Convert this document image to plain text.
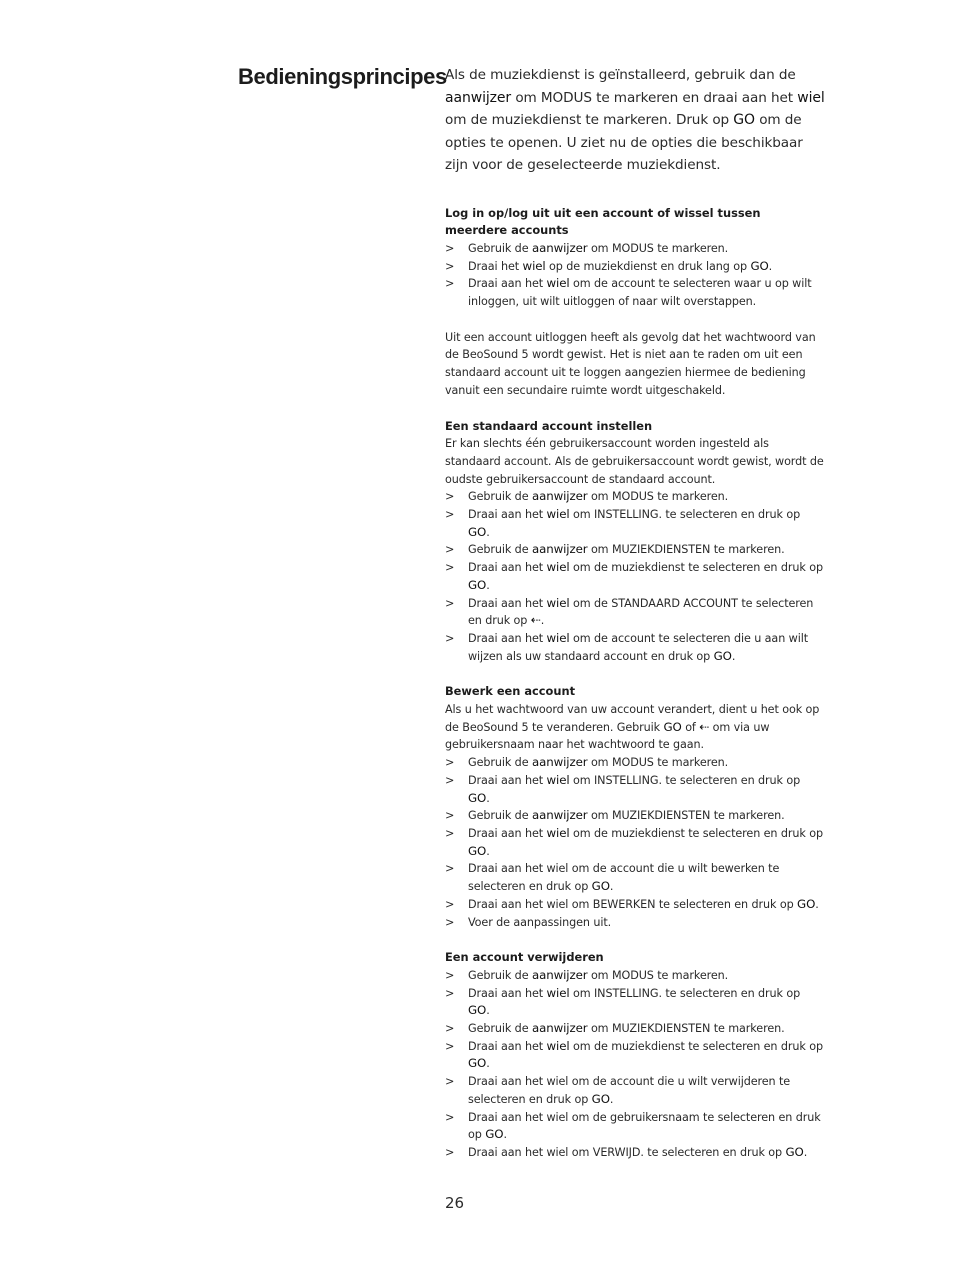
Bedieningsprincipes

Als de muziekdienst is geïnstalleerd, gebruik dan de aanwijzer om MODUS te markeren en draai aan het wiel om de muziekdienst te markeren. Druk op GO om de opties te openen. U ziet nu de opties die beschikbaar zijn voor de geselecteerde muziekdienst.

Log in op/log uit uit een account of wissel tussen meerdere accounts

> Gebruik de aanwijzer om MODUS te markeren.
> Draai het wiel op de muziekdienst en druk lang op GO.
> Draai aan het wiel om de account te selecteren waar u op wilt inloggen, uit wilt uitloggen of naar wilt overstappen.

Uit een account uitloggen heeft als gevolg dat het wachtwoord van de BeoSound 5 wordt gewist. Het is niet aan te raden om uit een standaard account uit te loggen aangezien hiermee de bediening vanuit een secundaire ruimte wordt uitgeschakeld.

Een standaard account instellen

Er kan slechts één gebruikersaccount worden ingesteld als standaard account. Als de gebruikersaccount wordt gewist, wordt de oudste gebruikersaccount de standaard account.

> Gebruik de aanwijzer om MODUS te markeren.
> Draai aan het wiel om INSTELLING. te selecteren en druk op GO.
> Gebruik de aanwijzer om MUZIEKDIENSTEN te markeren.
> Draai aan het wiel om de muziekdienst te selecteren en druk op GO.
> Draai aan het wiel om de STANDAARD ACCOUNT te selecteren en druk op ⇠.
> Draai aan het wiel om de account te selecteren die u aan wilt wijzen als uw standaard account en druk op GO.

Bewerk een account

Als u het wachtwoord van uw account verandert, dient u het ook op de BeoSound 5 te veranderen. Gebruik GO of ⇠ om via uw gebruikersnaam naar het wachtwoord te gaan.

> Gebruik de aanwijzer om MODUS te markeren.
> Draai aan het wiel om INSTELLING. te selecteren en druk op GO.
> Gebruik de aanwijzer om MUZIEKDIENSTEN te markeren.
> Draai aan het wiel om de muziekdienst te selecteren en druk op GO.
> Draai aan het wiel om de account die u wilt bewerken te selecteren en druk op GO.
> Draai aan het wiel om BEWERKEN te selecteren en druk op GO.
> Voer de aanpassingen uit.

Een account verwijderen

> Gebruik de aanwijzer om MODUS te markeren.
> Draai aan het wiel om INSTELLING. te selecteren en druk op GO.
> Gebruik de aanwijzer om MUZIEKDIENSTEN te markeren.
> Draai aan het wiel om de muziekdienst te selecteren en druk op GO.
> Draai aan het wiel om de account die u wilt verwijderen te selecteren en druk op GO.
> Draai aan het wiel om de gebruikersnaam te selecteren en druk op GO.
> Draai aan het wiel om VERWIJD. te selecteren en druk op GO.
26
